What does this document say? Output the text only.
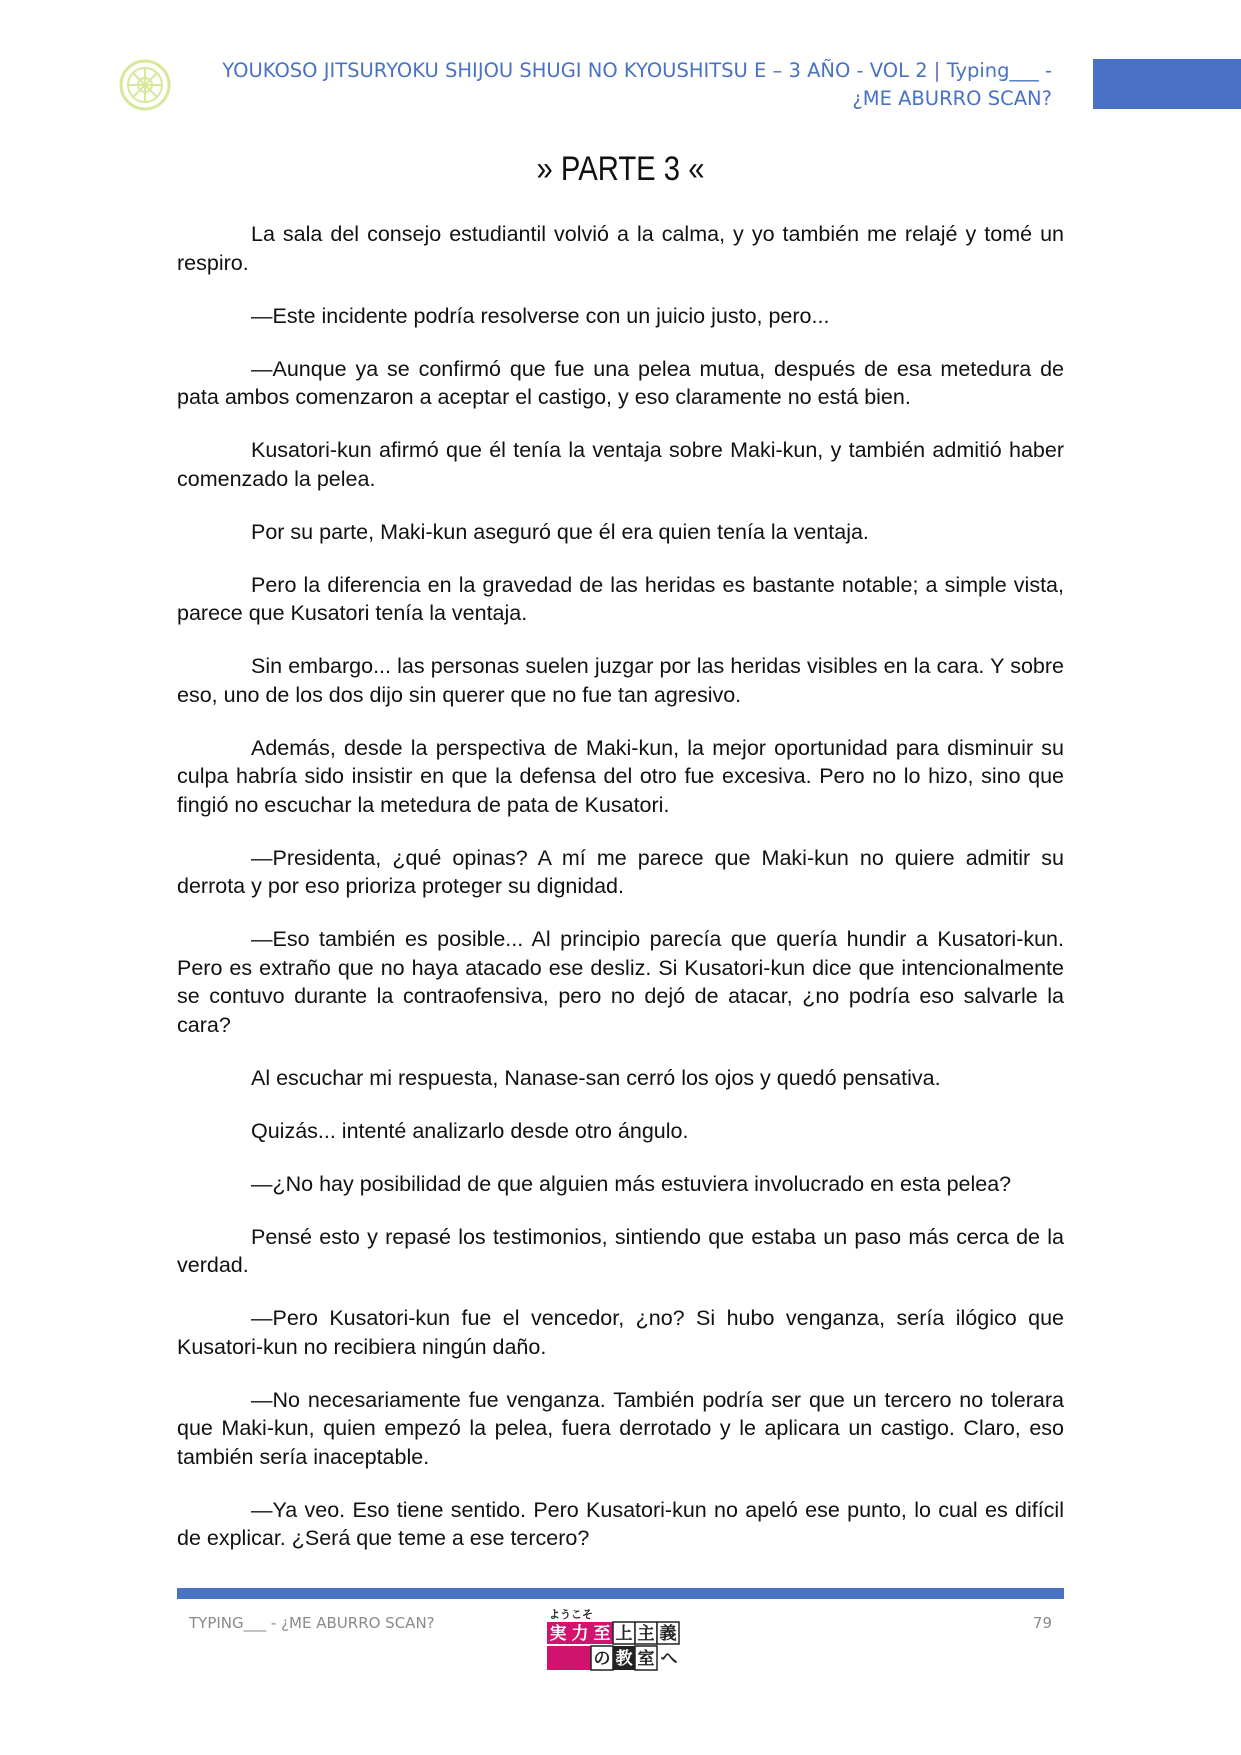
YOUKOSO JITSURYOKU SHIJOU SHUGI NO KYOUSHITSU E – 3 AÑO - VOL 2 | Typing___ - ¿ME ABURRO SCAN?
» PARTE 3 «

La sala del consejo estudiantil volvió a la calma, y yo también me relajé y tomé un respiro.

—Este incidente podría resolverse con un juicio justo, pero...

—Aunque ya se confirmó que fue una pelea mutua, después de esa metedura de pata ambos comenzaron a aceptar el castigo, y eso claramente no está bien.

Kusatori-kun afirmó que él tenía la ventaja sobre Maki-kun, y también admitió haber comenzado la pelea.

Por su parte, Maki-kun aseguró que él era quien tenía la ventaja.

Pero la diferencia en la gravedad de las heridas es bastante notable; a simple vista, parece que Kusatori tenía la ventaja.

Sin embargo... las personas suelen juzgar por las heridas visibles en la cara. Y sobre eso, uno de los dos dijo sin querer que no fue tan agresivo.

Además, desde la perspectiva de Maki-kun, la mejor oportunidad para disminuir su culpa habría sido insistir en que la defensa del otro fue excesiva. Pero no lo hizo, sino que fingió no escuchar la metedura de pata de Kusatori.

—Presidenta, ¿qué opinas? A mí me parece que Maki-kun no quiere admitir su derrota y por eso prioriza proteger su dignidad.

—Eso también es posible... Al principio parecía que quería hundir a Kusatori-kun. Pero es extraño que no haya atacado ese desliz. Si Kusatori-kun dice que intencionalmente se contuvo durante la contraofensiva, pero no dejó de atacar, ¿no podría eso salvarle la cara?

Al escuchar mi respuesta, Nanase-san cerró los ojos y quedó pensativa.

Quizás... intenté analizarlo desde otro ángulo.

—¿No hay posibilidad de que alguien más estuviera involucrado en esta pelea?

Pensé esto y repasé los testimonios, sintiendo que estaba un paso más cerca de la verdad.

—Pero Kusatori-kun fue el vencedor, ¿no? Si hubo venganza, sería ilógico que Kusatori-kun no recibiera ningún daño.

—No necesariamente fue venganza. También podría ser que un tercero no tolerara que Maki-kun, quien empezó la pelea, fuera derrotado y le aplicara un castigo. Claro, eso también sería inaceptable.

—Ya veo. Eso tiene sentido. Pero Kusatori-kun no apeló ese punto, lo cual es difícil de explicar. ¿Será que teme a ese tercero?

TYPING___ - ¿ME ABURRO SCAN?	ようこそ
実 力 至 上 主 義
の 教 室 へ
79
